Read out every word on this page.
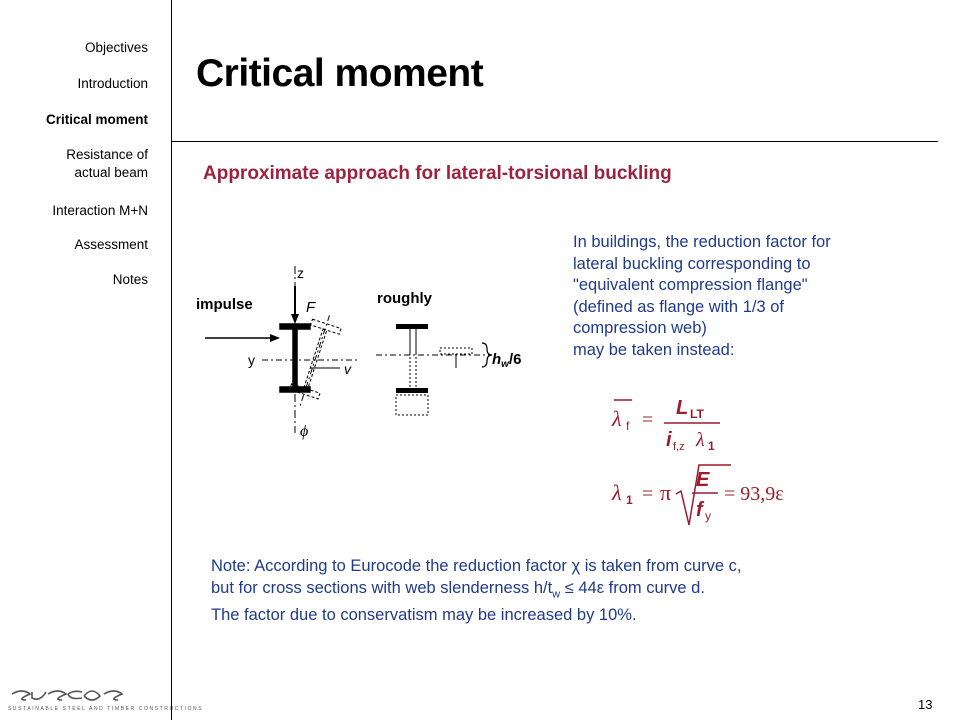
Objectives
Introduction
Critical moment
Resistance of
actual beam
Interaction M+N
Assessment
Notes
Critical moment
Approximate approach for lateral-torsional buckling
In buildings, the reduction factor for
lateral buckling corresponding to
"equivalent compression flange"
(defined as flange with 1/3 of
compression web)
may be taken instead:
impulse	roughly
z
F
y
v
ϕ
$h_w/6$
λ f =
L LT
i f,z λ 1
λ 1 = π E
f y
= 93,9ε
Note: According to Eurocode the reduction factor χ is taken from curve c,
but for cross sections with web slenderness $h/t_w \le 44\varepsilon$ from curve d.
The factor due to conservatism may be increased by 10%.
SUSTAINABLE STEEL AND TIMBER CONSTRUCTIONS	13
